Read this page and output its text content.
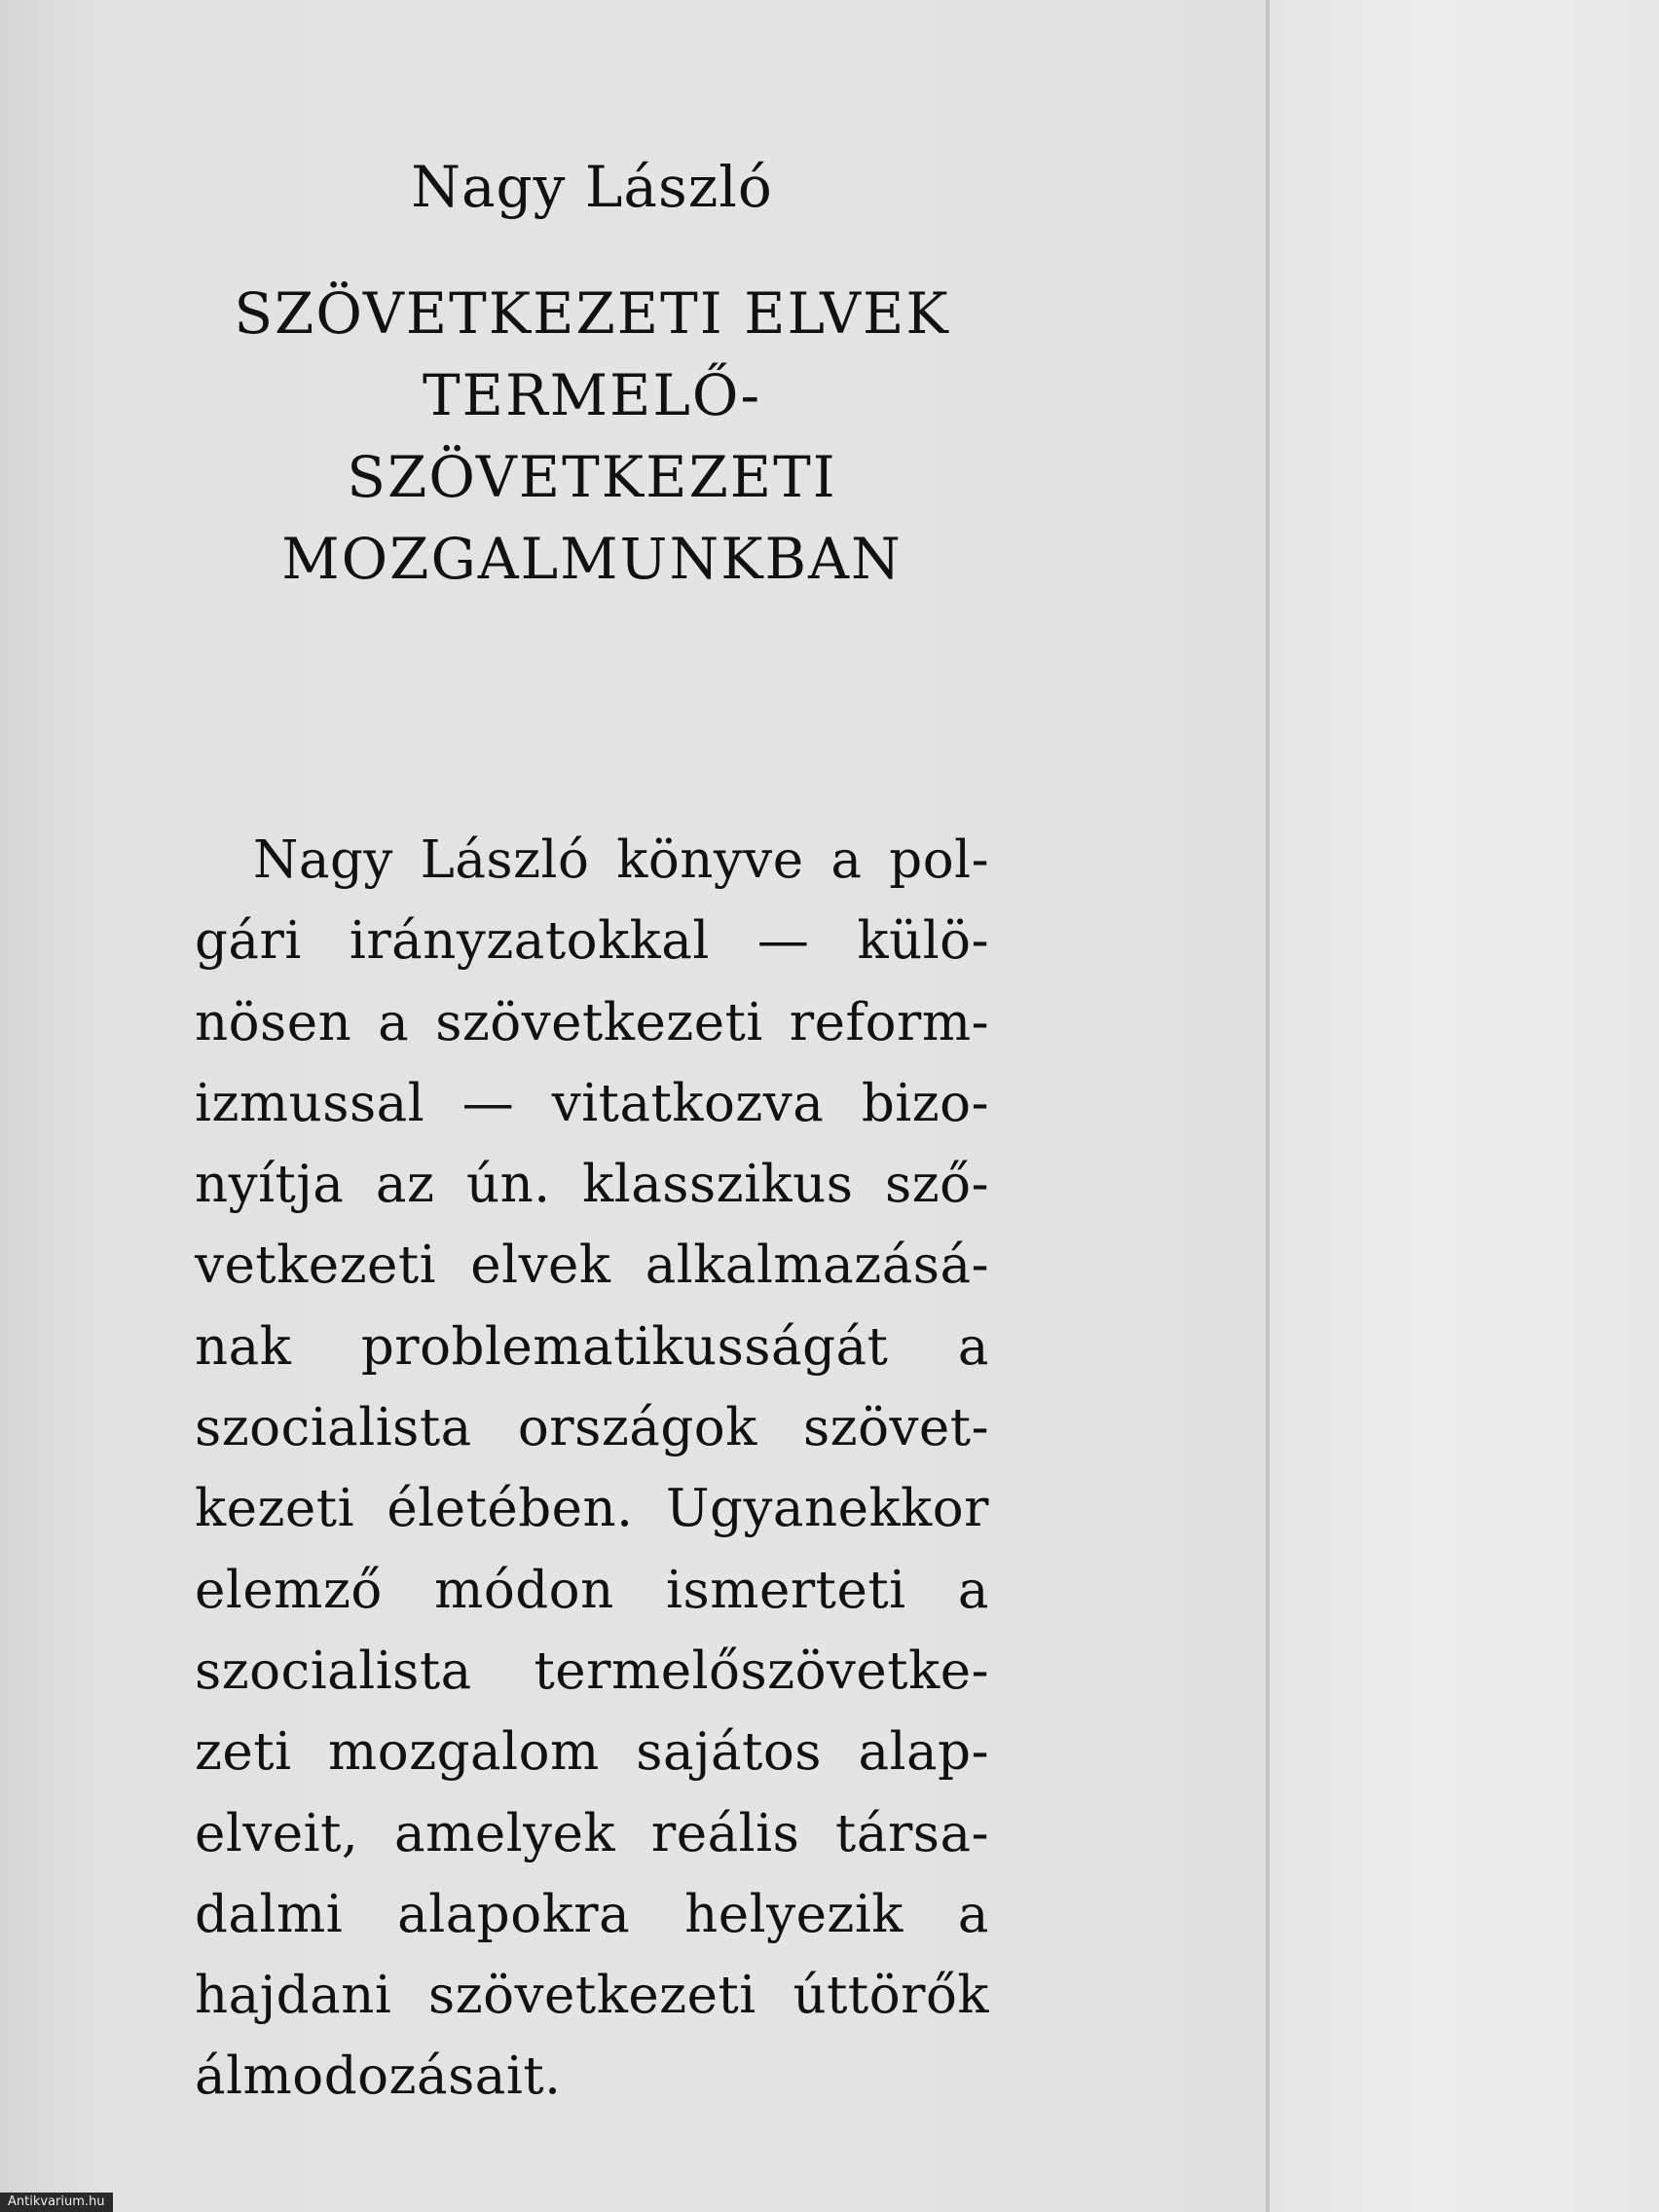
Nagy László
SZÖVETKEZETI ELVEK
TERMELŐ-
SZÖVETKEZETI
MOZGALMUNKBAN

Nagy László könyve a pol-
gári irányzatokkal — külö-
nösen a szövetkezeti reform-
izmussal — vitatkozva bizo-
nyítja az ún. klasszikus sző-
vetkezeti elvek alkalmazásá-
nak problematikusságát a
szocialista országok szövet-
kezeti életében. Ugyanekkor
elemző módon ismerteti a
szocialista termelőszövetke-
zeti mozgalom sajátos alap-
elveit, amelyek reális társa-
dalmi alapokra helyezik a
hajdani szövetkezeti úttörők
álmodozásait.

Antikvarium.hu
